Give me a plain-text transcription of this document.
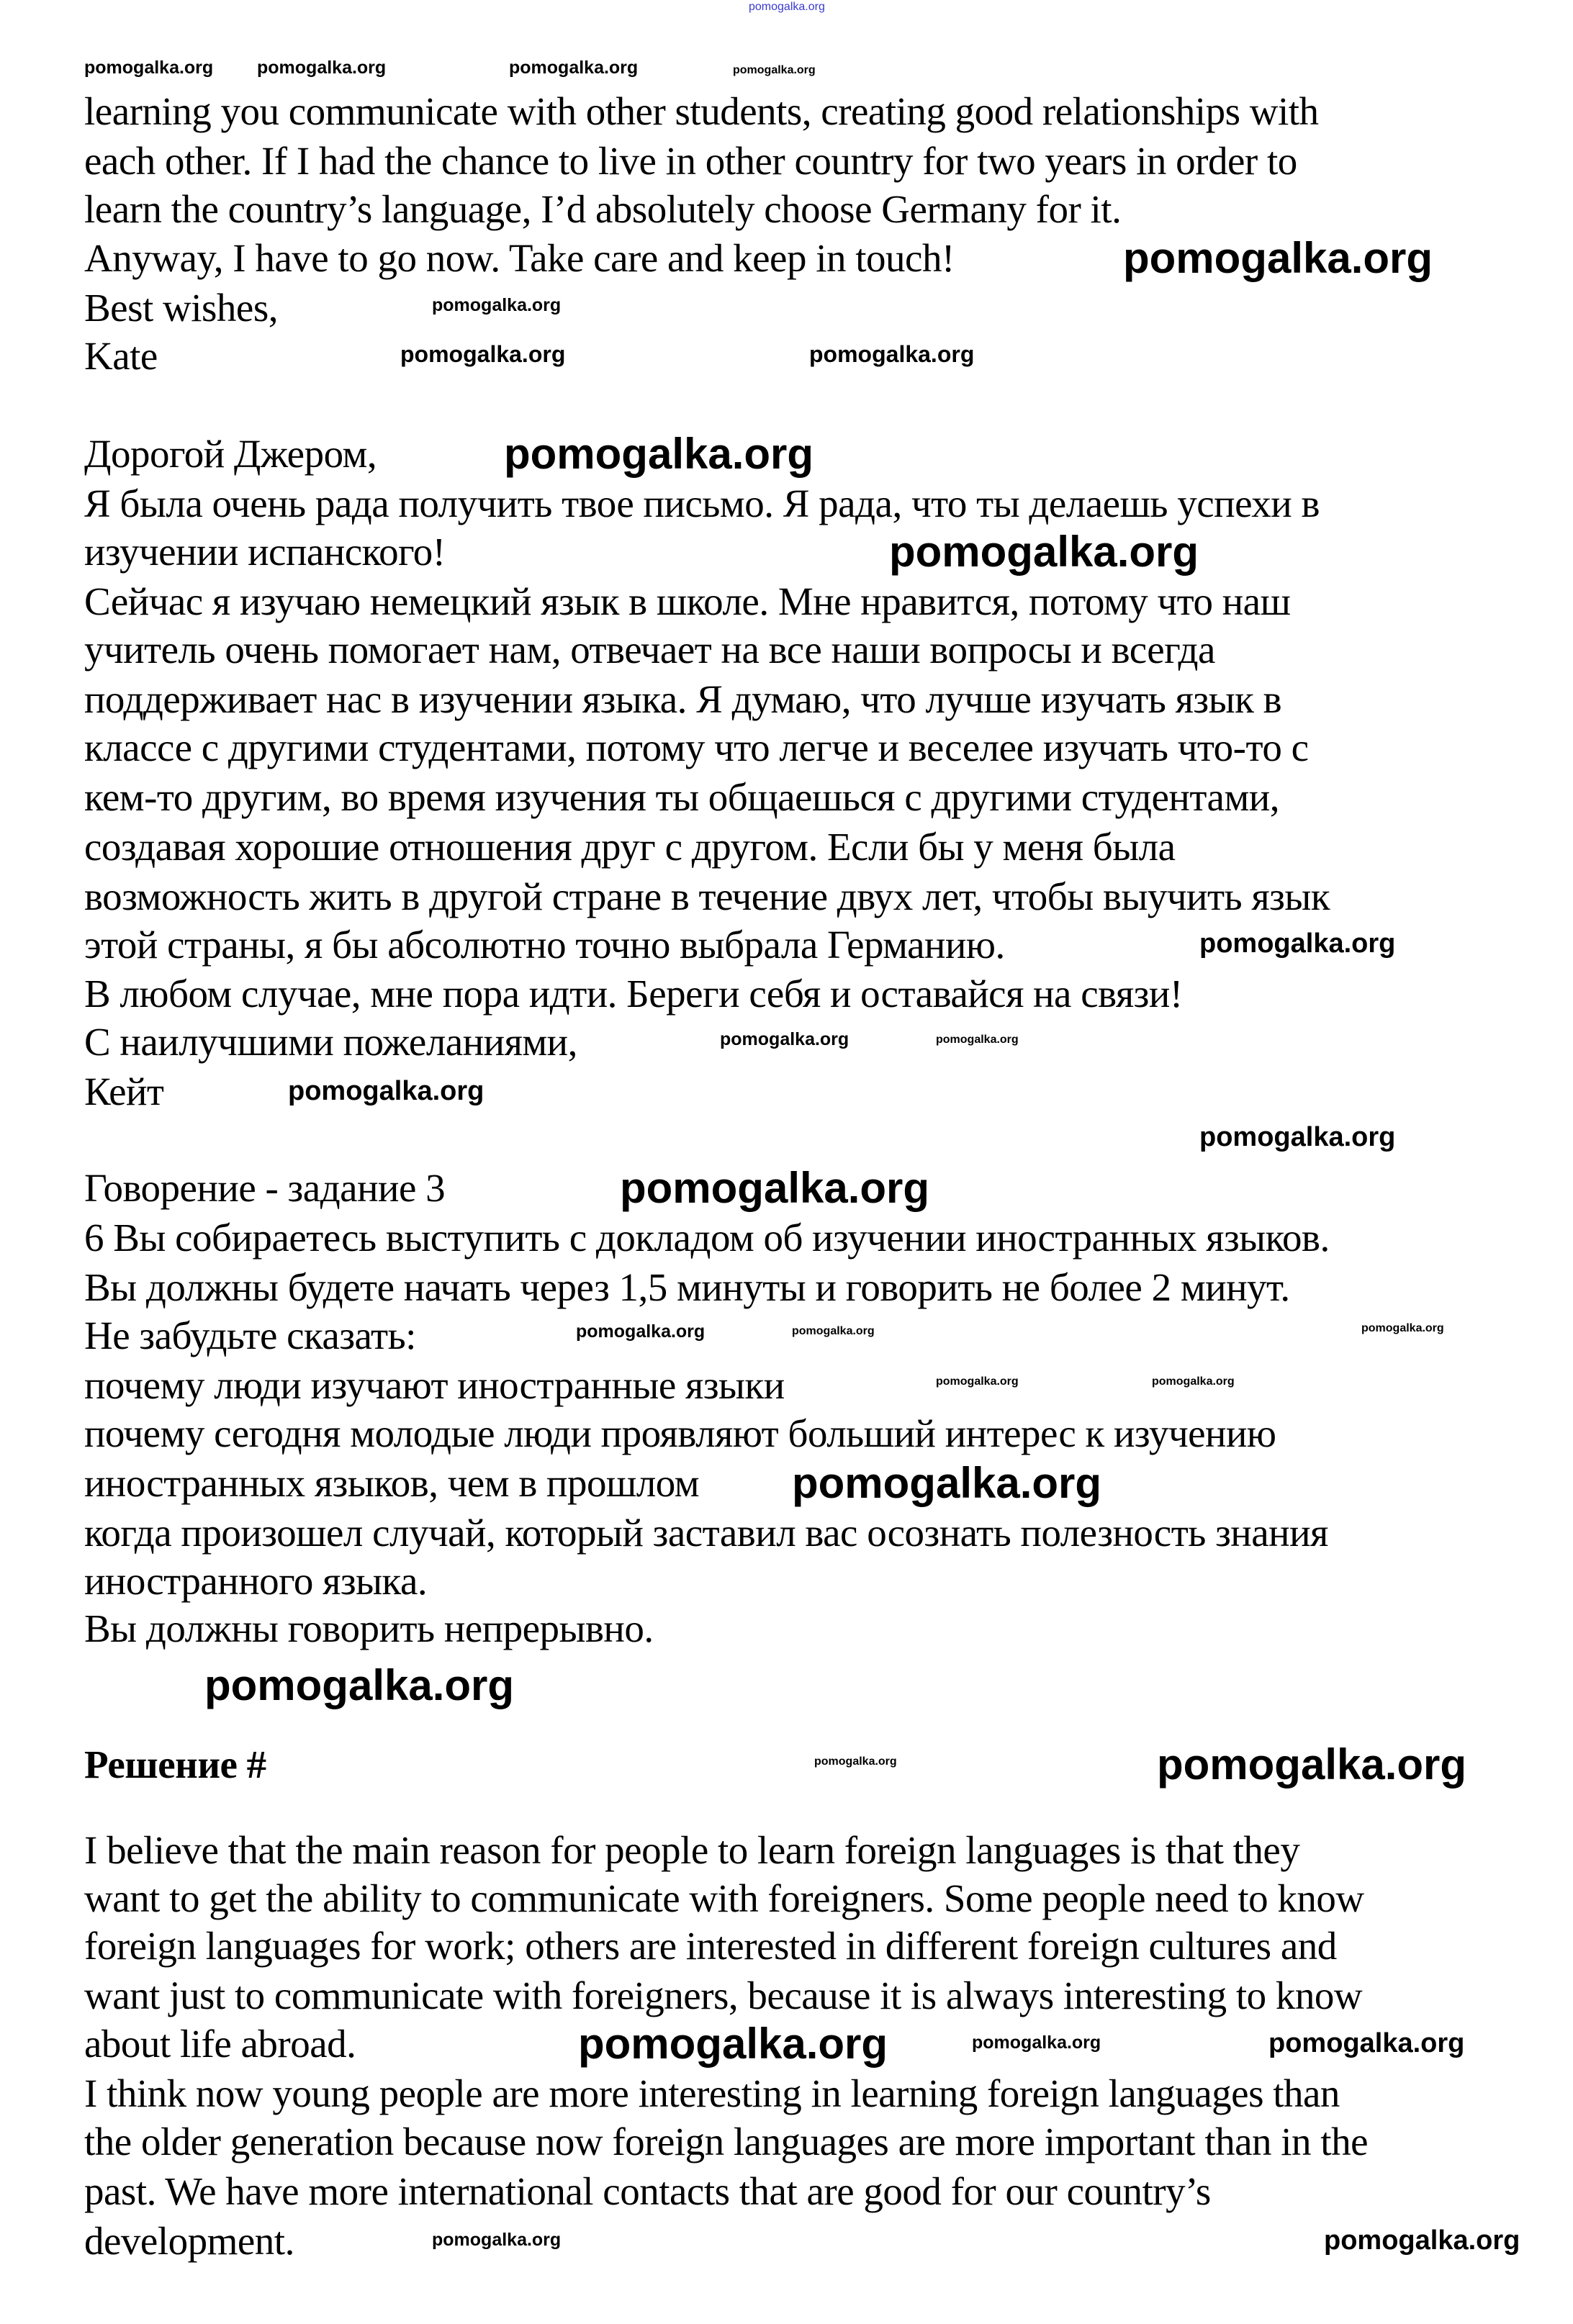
learning you communicate with other students, creating good relationships with
each other. If I had the chance to live in other country for two years in order to
learn the country’s language, I’d absolutely choose Germany for it.
Anyway, I have to go now. Take care and keep in touch!
Best wishes,
Kate
Дорогой Джером,
Я была очень рада получить твое письмо. Я рада, что ты делаешь успехи в
изучении испанского!
Сейчас я изучаю немецкий язык в школе. Мне нравится, потому что наш
учитель очень помогает нам, отвечает на все наши вопросы и всегда
поддерживает нас в изучении языка. Я думаю, что лучше изучать язык в
классе с другими студентами, потому что легче и веселее изучать что-то с
кем-то другим, во время изучения ты общаешься с другими студентами,
создавая хорошие отношения друг с другом. Если бы у меня была
возможность жить в другой стране в течение двух лет, чтобы выучить язык
этой страны, я бы абсолютно точно выбрала Германию.
В любом случае, мне пора идти. Береги себя и оставайся на связи!
С наилучшими пожеланиями,
Кейт
Говорение - задание 3
6 Вы собираетесь выступить с докладом об изучении иностранных языков.
Вы должны будете начать через 1,5 минуты и говорить не более 2 минут.
Не забудьте сказать:
почему люди изучают иностранные языки
почему сегодня молодые люди проявляют больший интерес к изучению
иностранных языков, чем в прошлом
когда произошел случай, который заставил вас осознать полезность знания
иностранного языка.
Вы должны говорить непрерывно.
Решение #
I believe that the main reason for people to learn foreign languages is that they
want to get the ability to communicate with foreigners. Some people need to know
foreign languages for work; others are interested in different foreign cultures and
want just to communicate with foreigners, because it is always interesting to know
about life abroad.
I think now young people are more interesting in learning foreign languages than
the older generation because now foreign languages are more important than in the
past. We have more international contacts that are good for our country’s
development.
pomogalka.org
pomogalka.org pomogalka.org	pomogalka.org	pomogalka.org
pomogalka.org
pomogalka.org
pomogalka.org	pomogalka.org
pomogalka.org
pomogalka.org
pomogalka.org
pomogalka.org	pomogalka.org
pomogalka.org
pomogalka.org
pomogalka.org
pomogalka.org	pomogalka.org	pomogalka.org
pomogalka.org	pomogalka.org
pomogalka.org
pomogalka.org
pomogalka.org	pomogalka.org
pomogalka.org	pomogalka.org	pomogalka.org
pomogalka.org	pomogalka.org
